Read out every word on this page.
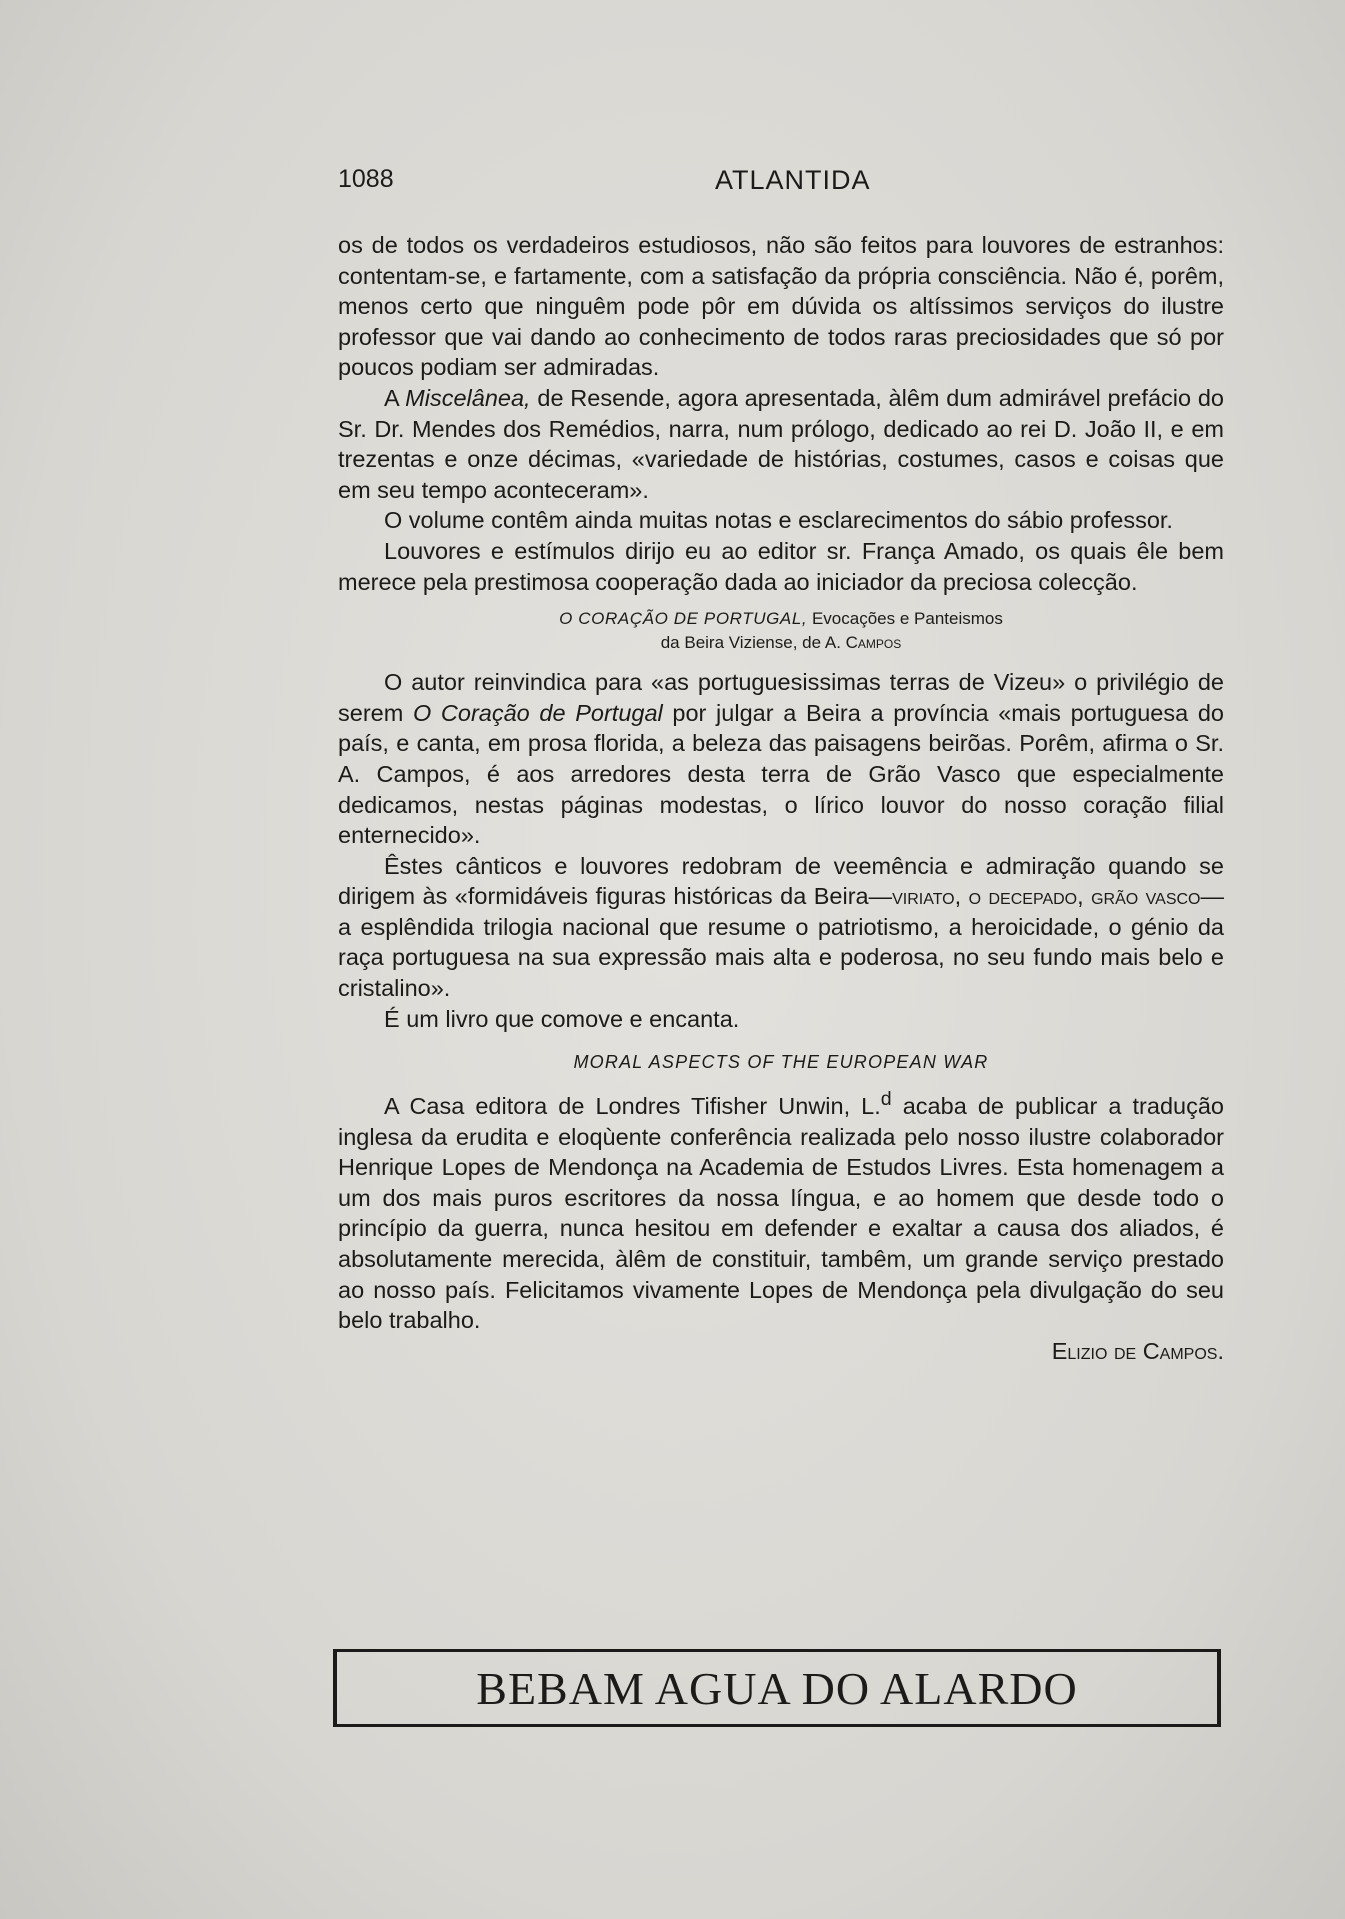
1088	ATLANTIDA

os de todos os verdadeiros estudiosos, não são feitos para louvores de estranhos: contentam-se, e fartamente, com a satisfação da própria consciência. Não é, porêm, menos certo que ninguêm pode pôr em dúvida os altíssimos serviços do ilustre professor que vai dando ao conhecimento de todos raras preciosidades que só por poucos podiam ser admiradas.

A Miscelânea, de Resende, agora apresentada, àlêm dum admirável prefácio do Sr. Dr. Mendes dos Remédios, narra, num prólogo, dedicado ao rei D. João II, e em trezentas e onze décimas, «variedade de histórias, costumes, casos e coisas que em seu tempo aconteceram».

O volume contêm ainda muitas notas e esclarecimentos do sábio professor.

Louvores e estímulos dirijo eu ao editor sr. França Amado, os quais êle bem merece pela prestimosa cooperação dada ao iniciador da preciosa colecção.

O CORAÇÃO DE PORTUGAL, Evocações e Panteismos
da Beira Viziense, de A. Campos

O autor reinvindica para «as portuguesissimas terras de Vizeu» o privilégio de serem O Coração de Portugal por julgar a Beira a província «mais portuguesa do país, e canta, em prosa florida, a beleza das paisagens beirõas. Porêm, afirma o Sr. A. Campos, é aos arredores desta terra de Grão Vasco que especialmente dedicamos, nestas páginas modestas, o lírico louvor do nosso coração filial enternecido».

Êstes cânticos e louvores redobram de veemência e admiração quando se dirigem às «formidáveis figuras históricas da Beira—viriato, o decepado, grão vasco—a esplêndida trilogia nacional que resume o patriotismo, a heroicidade, o génio da raça portuguesa na sua expressão mais alta e poderosa, no seu fundo mais belo e cristalino».

É um livro que comove e encanta.

MORAL ASPECTS OF THE EUROPEAN WAR

A Casa editora de Londres Tifisher Unwin, L.$^d$ acaba de publicar a tradução inglesa da erudita e eloqùente conferência realizada pelo nosso ilustre colaborador Henrique Lopes de Mendonça na Academia de Estudos Livres. Esta homenagem a um dos mais puros escritores da nossa língua, e ao homem que desde todo o princípio da guerra, nunca hesitou em defender e exaltar a causa dos aliados, é absolutamente merecida, àlêm de constituir, tambêm, um grande serviço prestado ao nosso país. Felicitamos vivamente Lopes de Mendonça pela divulgação do seu belo trabalho.

Elizio de Campos.

BEBAM AGUA DO ALARDO
